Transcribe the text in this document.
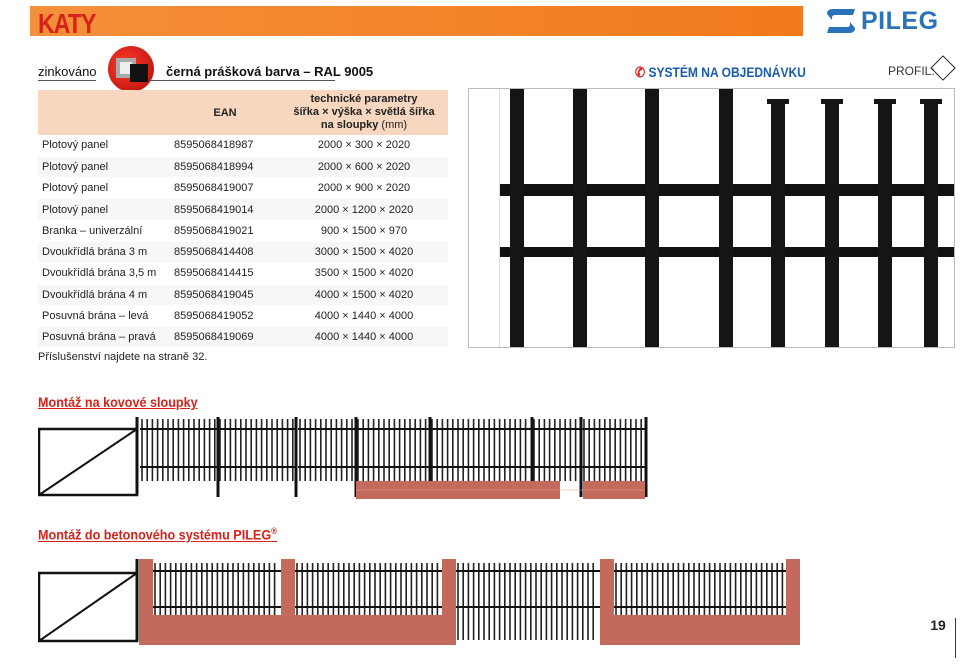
KATY	PILEG
zinkováno	černá prášková barva – RAL 9005	✆ SYSTÉM NA OBJEDNÁVKU	PROFIL:
	EAN	technické parametry
šířka × výška × světlá šířka
na sloupky (mm)

Plotový panel	8595068418987	2000 × 300 × 2020
Plotový panel	8595068418994	2000 × 600 × 2020
Plotový panel	8595068419007	2000 × 900 × 2020
Plotový panel	8595068419014	2000 × 1200 × 2020
Branka – univerzální	8595068419021	900 × 1500 × 970
Dvoukřídlá brána 3 m	8595068414408	3000 × 1500 × 4020
Dvoukřídlá brána 3,5 m	8595068414415	3500 × 1500 × 4020
Dvoukřídlá brána 4 m	8595068419045	4000 × 1500 × 4020
Posuvná brána – levá	8595068419052	4000 × 1440 × 4000
Posuvná brána – pravá	8595068419069	4000 × 1440 × 4000
Příslušenství najdete na straně 32.
Montáž na kovové sloupky
Montáž do betonového systému PILEG®
19
